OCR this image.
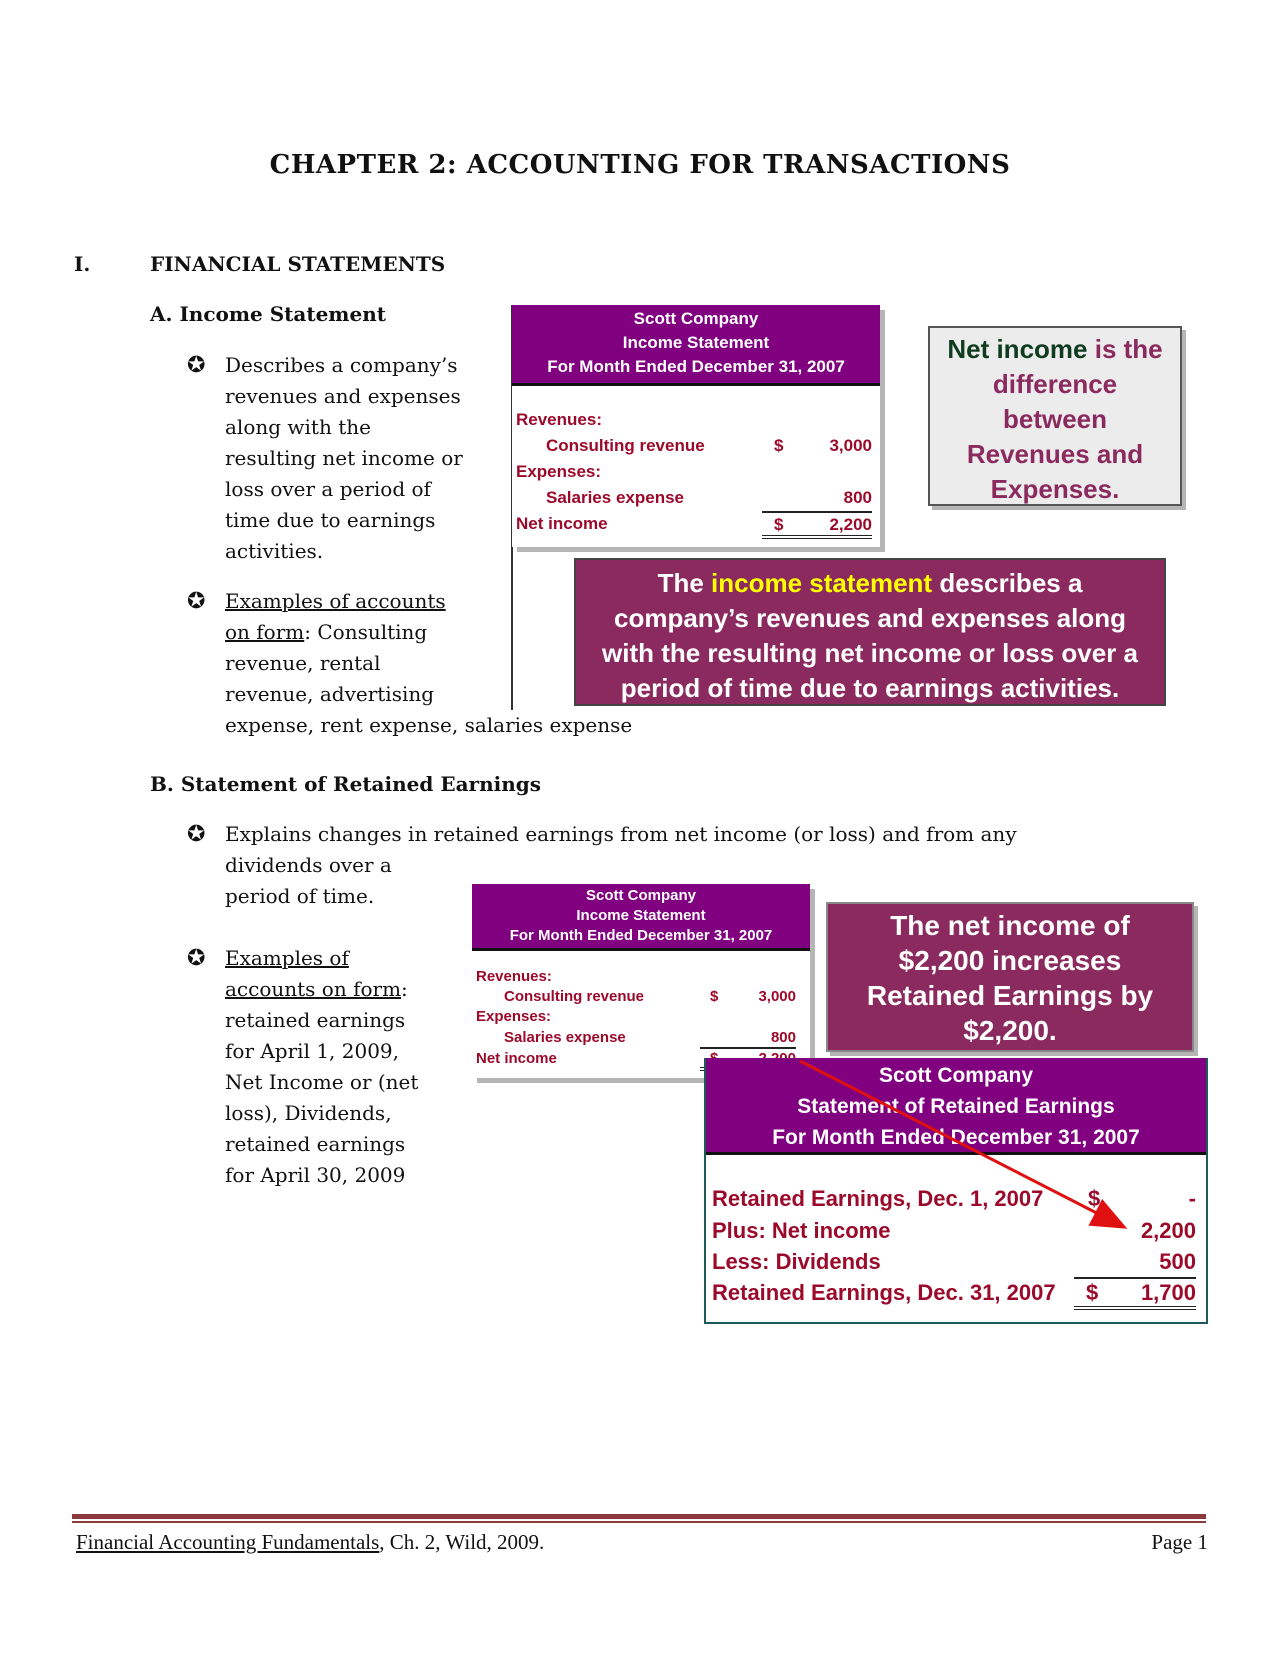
CHAPTER 2: ACCOUNTING FOR TRANSACTIONS
I.	FINANCIAL STATEMENTS
A. Income Statement
✪ Describes a company’s
revenues and expenses
along with the
resulting net income or
loss over a period of
time due to earnings
activities.
✪ Examples of accounts
on form: Consulting
revenue, rental
revenue, advertising
expense, rent expense, salaries expense
Scott Company
Income Statement
For Month Ended December 31, 2007
Revenues:
Consulting revenue	$	3,000
Expenses:
Salaries expense	800
Net income	$	2,200
Net income is the
difference
between
Revenues and
Expenses.
The income statement describes a
company’s revenues and expenses along
with the resulting net income or loss over a
period of time due to earnings activities.
B. Statement of Retained Earnings
✪ Explains changes in retained earnings from net income (or loss) and from any
dividends over a
period of time.
✪ Examples of
accounts on form:
retained earnings
for April 1, 2009,
Net Income or (net
loss), Dividends,
retained earnings
for April 30, 2009
Scott Company
Income Statement
For Month Ended December 31, 2007
Revenues:
Consulting revenue	$	3,000
Expenses:
Salaries expense	800
Net income
The net income of
$2,200 increases
Retained Earnings by
$2,200.
Scott Company
Statement of Retained Earnings
For Month Ended December 31, 2007
Retained Earnings, Dec. 1, 2007 $	-
Plus: Net income	2,200
Less: Dividends	500
Retained Earnings, Dec. 31, 2007 $	1,700
Financial Accounting Fundamentals, Ch. 2, Wild, 2009.	Page 1
